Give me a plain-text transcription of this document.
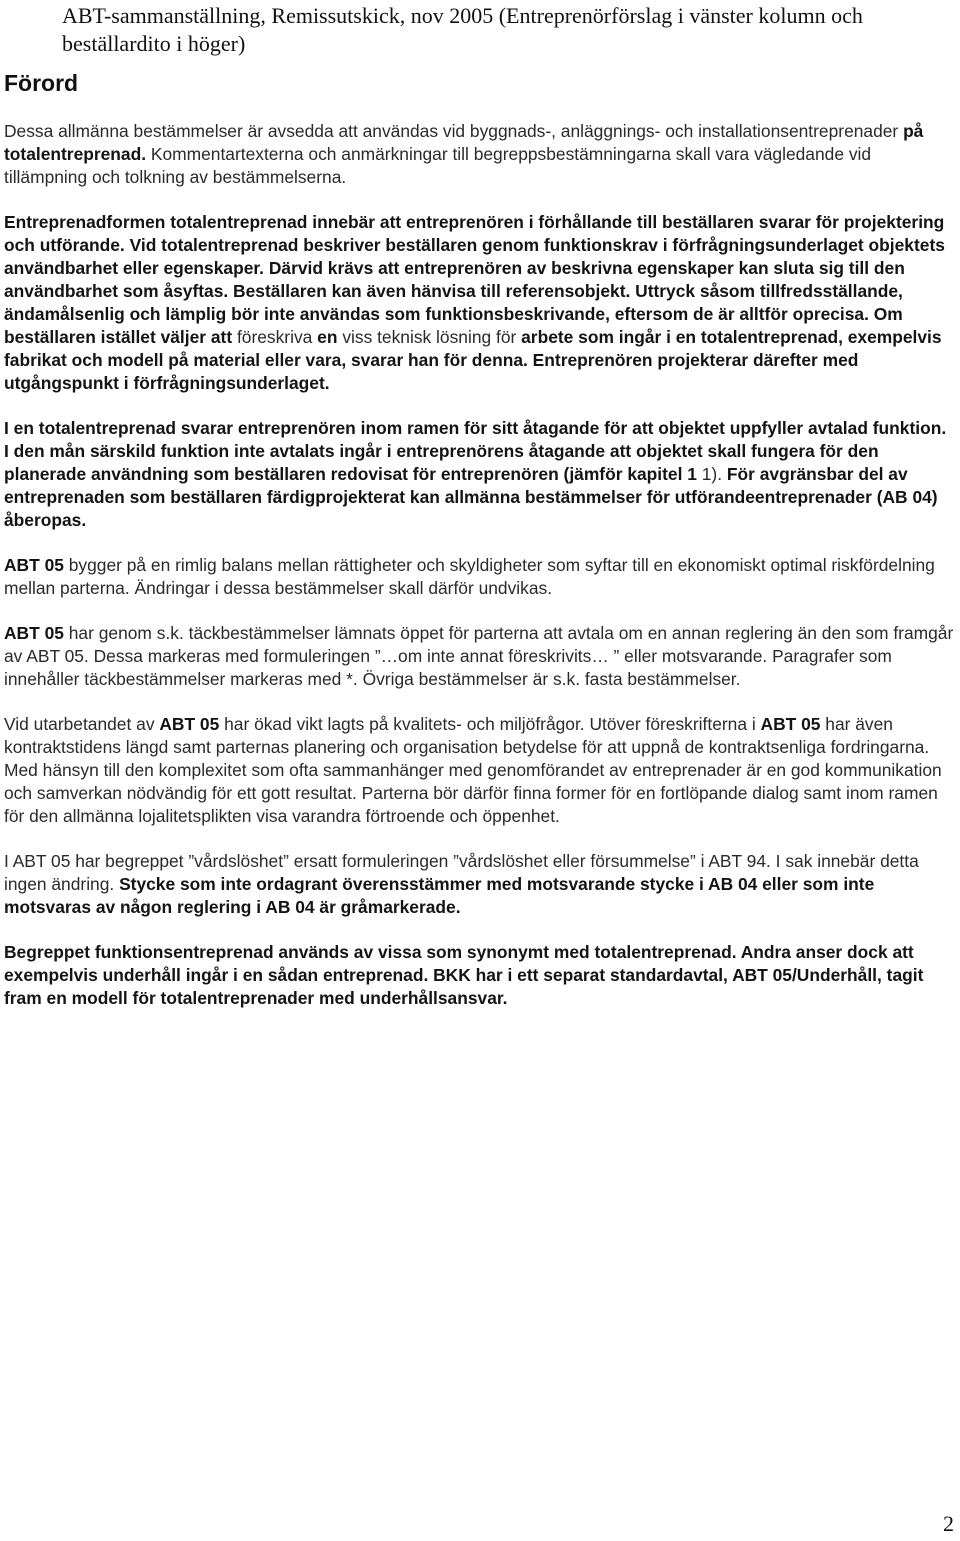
ABT-sammanställning, Remissutskick, nov 2005 (Entreprenörförslag i vänster kolumn och beställardito i höger)
Förord

Dessa allmänna bestämmelser är avsedda att användas vid byggnads-, anläggnings- och installationsentreprenader på totalentreprenad. Kommentartexterna och anmärkningar till begreppsbestämningarna skall vara vägledande vid tillämpning och tolkning av bestämmelserna.

Entreprenadformen totalentreprenad innebär att entreprenören i förhållande till beställaren svarar för projektering och utförande. Vid totalentreprenad beskriver beställaren genom funktionskrav i förfrågningsunderlaget objektets användbarhet eller egenskaper. Därvid krävs att entreprenören av beskrivna egenskaper kan sluta sig till den användbarhet som åsyftas. Beställaren kan även hänvisa till referensobjekt. Uttryck såsom tillfredsställande, ändamålsenlig och lämplig bör inte användas som funktionsbeskrivande, eftersom de är alltför oprecisa. Om beställaren istället väljer att föreskriva en viss teknisk lösning för arbete som ingår i en totalentreprenad, exempelvis fabrikat och modell på material eller vara, svarar han för denna. Entreprenören projekterar därefter med utgångspunkt i förfrågningsunderlaget.

I en totalentreprenad svarar entreprenören inom ramen för sitt åtagande för att objektet uppfyller avtalad funktion. I den mån särskild funktion inte avtalats ingår i entreprenörens åtagande att objektet skall fungera för den planerade användning som beställaren redovisat för entreprenören (jämför kapitel 1 1). För avgränsbar del av entreprenaden som beställaren färdigprojekterat kan allmänna bestämmelser för utförandeentreprenader (AB 04) åberopas.

ABT 05 bygger på en rimlig balans mellan rättigheter och skyldigheter som syftar till en ekonomiskt optimal riskfördelning mellan parterna. Ändringar i dessa bestämmelser skall därför undvikas.

ABT 05 har genom s.k. täckbestämmelser lämnats öppet för parterna att avtala om en annan reglering än den som framgår av ABT 05. Dessa markeras med formuleringen ”…om inte annat föreskrivits… ” eller motsvarande. Paragrafer som innehåller täckbestämmelser markeras med *. Övriga bestämmelser är s.k. fasta bestämmelser.

Vid utarbetandet av ABT 05 har ökad vikt lagts på kvalitets- och miljöfrågor. Utöver föreskrifterna i ABT 05 har även kontraktstidens längd samt parternas planering och organisation betydelse för att uppnå de kontraktsenliga fordringarna. Med hänsyn till den komplexitet som ofta sammanhänger med genomförandet av entreprenader är en god kommunikation och samverkan nödvändig för ett gott resultat. Parterna bör därför finna former för en fortlöpande dialog samt inom ramen för den allmänna lojalitetsplikten visa varandra förtroende och öppenhet.

I ABT 05 har begreppet ”vårdslöshet” ersatt formuleringen ”vårdslöshet eller försummelse” i ABT 94. I sak innebär detta ingen ändring. Stycke som inte ordagrant överensstämmer med motsvarande stycke i AB 04 eller som inte motsvaras av någon reglering i AB 04 är gråmarkerade.

Begreppet funktionsentreprenad används av vissa som synonymt med totalentreprenad. Andra anser dock att exempelvis underhåll ingår i en sådan entreprenad. BKK har i ett separat standardavtal, ABT 05/Underhåll, tagit fram en modell för totalentreprenader med underhållsansvar.

2
